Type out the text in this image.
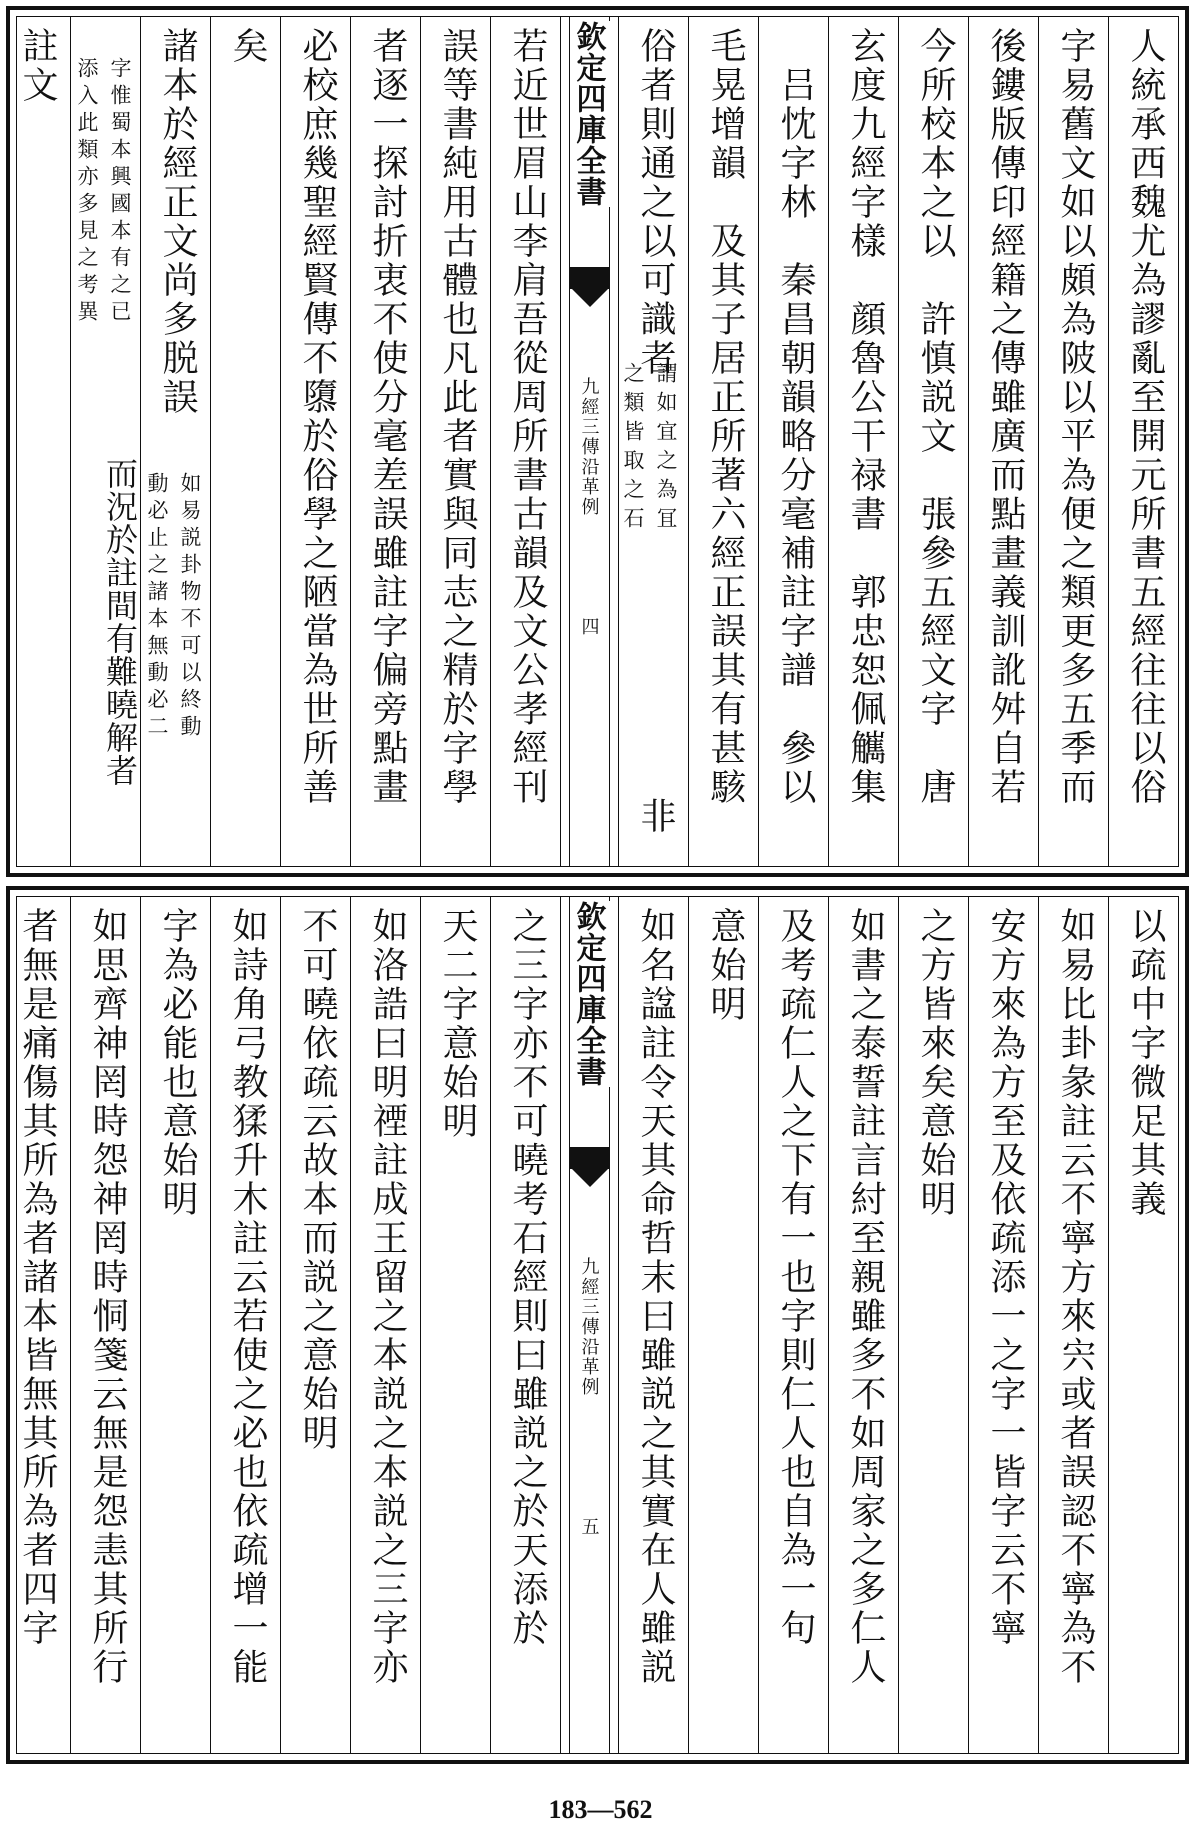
人統承西魏尤為謬亂至開元所書五經往往以俗
字易舊文如以頗為陂以平為便之類更多五季而
後鏤版傳印經籍之傳雖廣而點畫義訓訛舛自若
今所校本之以　許慎説文　張參五經文字　唐
玄度九經字樣　顔魯公干禄書　郭忠恕佩觽集
　吕忱字林　秦昌朝韻略分毫補註字譜　參以
毛晃增韻　及其子居正所著六經正誤其有甚駭
俗者則通之以可識者
謂如宜之為冝
之類皆取之石
非
欽定四庫全書
九經三傳沿革例
四
若近世眉山李肩吾從周所書古韻及文公孝經刊
誤等書純用古體也凡此者實與同志之精於字學
者逐一探討折衷不使分毫差誤雖註字偏旁點畫
必校庶幾聖經賢傳不隳於俗學之陋當為世所善
矣
諸本於經正文尚多脱誤
如易説卦物不可以終動
動必止之諸本無動必二
字惟蜀本興國本有之已
添入此類亦多見之考異
而況於註間有難曉解者
註文
以疏中字微足其義
如易比卦彖註云不寧方來宍或者誤認不寧為不
安方來為方至及依疏添一之字一皆字云不寧
之方皆來矣意始明
如書之泰誓註言紂至親雖多不如周家之多仁人
及考疏仁人之下有一也字則仁人也自為一句
意始明
如名諡註令天其命哲末曰雖説之其實在人雖説
欽定四庫全書
九經三傳沿革例
五
之三字亦不可曉考石經則曰雖説之於天添於
天二字意始明
如洛誥曰明禋註成王留之本説之本説之三字亦
不可曉依疏云故本而説之意始明
如詩角弓教猱升木註云若使之必也依疏增一能
字為必能也意始明
如思齊神罔時怨神罔時恫箋云無是怨恚其所行
者無是痛傷其所為者諸本皆無其所為者四字
183—562
